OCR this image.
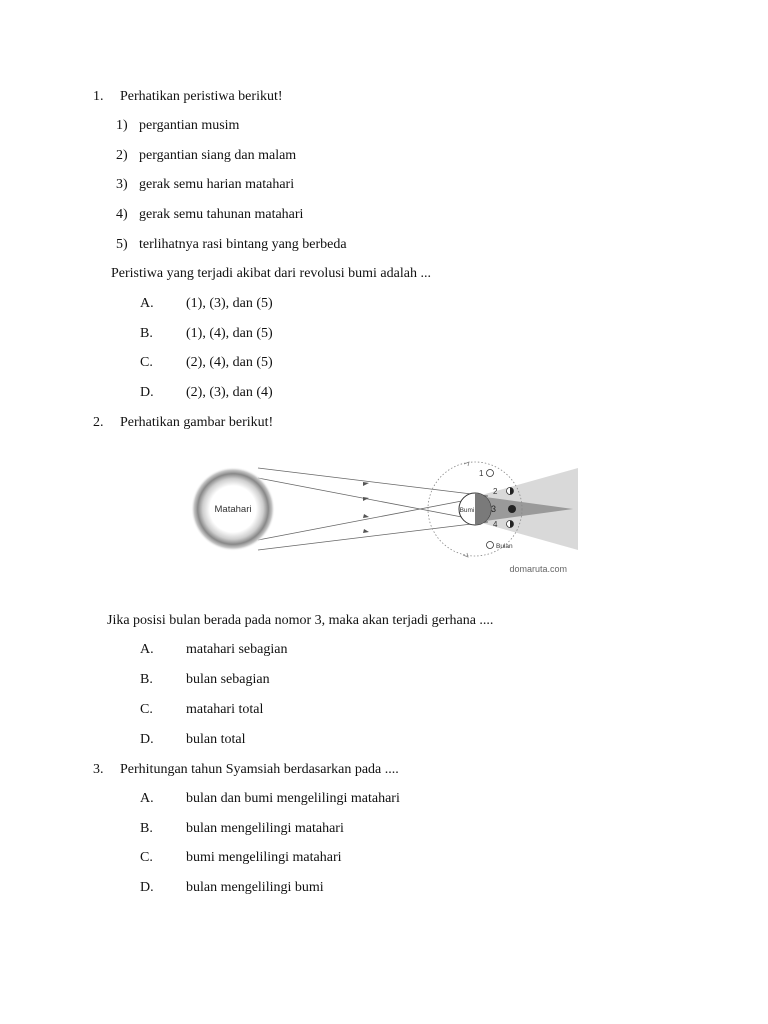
1. Perhatikan peristiwa berikut!
1) pergantian musim
2) pergantian siang dan malam
3) gerak semu harian matahari
4) gerak semu tahunan matahari
5) terlihatnya rasi bintang yang berbeda
Peristiwa yang terjadi akibat dari revolusi bumi adalah ...
A. (1), (3), dan (5)
B. (1), (4), dan (5)
C. (2), (4), dan (5)
D. (2), (3), dan (4)
2. Perhatikan gambar berikut!
Matahari	Bumi
1
2
3
4
Bulan
domaruta.com
Jika posisi bulan berada pada nomor 3, maka akan terjadi gerhana ....
A. matahari sebagian
B. bulan sebagian
C. matahari total
D. bulan total
3. Perhitungan tahun Syamsiah berdasarkan pada ....
A. bulan dan bumi mengelilingi matahari
B. bulan mengelilingi matahari
C. bumi mengelilingi matahari
D. bulan mengelilingi bumi
